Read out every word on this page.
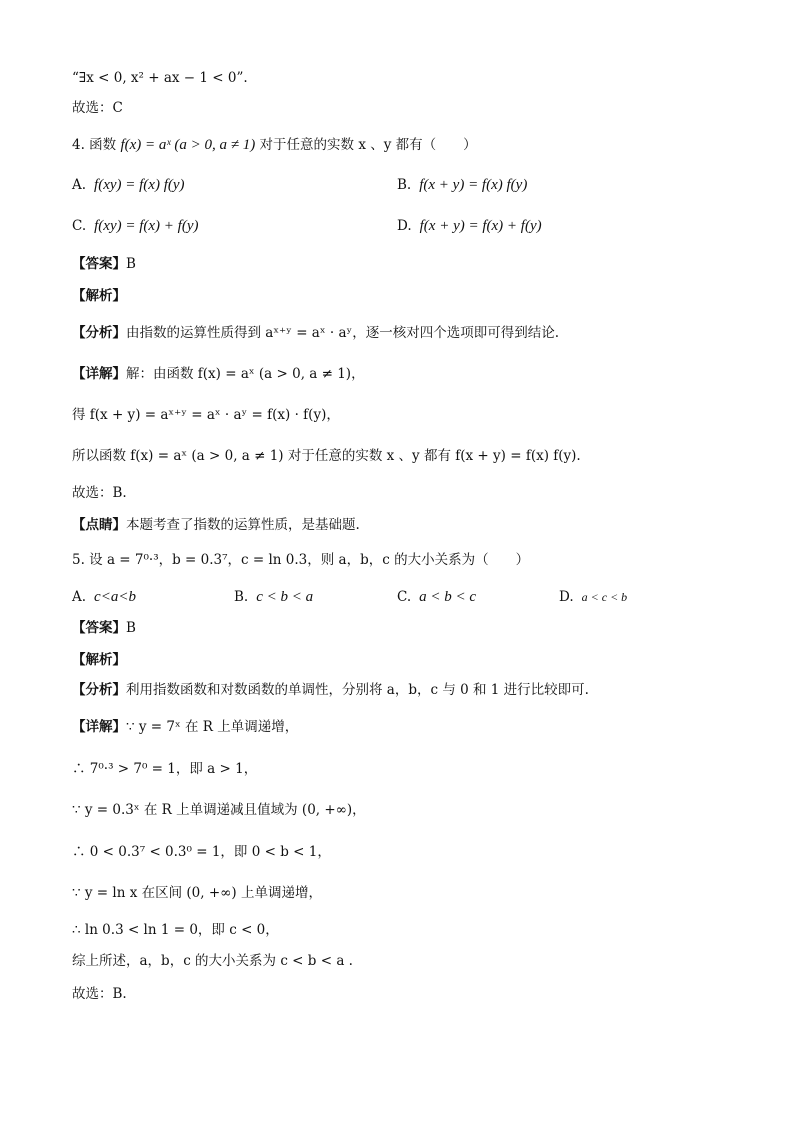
“∃x < 0, x² + ax − 1 < 0”.
故选：C
4. 函数 f(x) = aˣ (a > 0, a ≠ 1) 对于任意的实数 x 、y 都有（　　）
A. f(xy) = f(x) f(y)	B. f(x + y) = f(x) f(y)
C. f(xy) = f(x) + f(y)	D. f(x + y) = f(x) + f(y)
【答案】B
【解析】
【分析】由指数的运算性质得到 aˣ⁺ʸ = aˣ · aʸ，逐一核对四个选项即可得到结论.
【详解】解：由函数 f(x) = aˣ (a > 0, a ≠ 1)，
得 f(x + y) = aˣ⁺ʸ = aˣ · aʸ = f(x) · f(y)，
所以函数 f(x) = aˣ (a > 0, a ≠ 1) 对于任意的实数 x 、y 都有 f(x + y) = f(x) f(y).
故选：B.
【点睛】本题考查了指数的运算性质，是基础题.
5. 设 a = 7⁰·³，b = 0.3⁷，c = ln 0.3，则 a，b，c 的大小关系为（　　）
A. c<a<b	B. c < b < a	C. a < b < c	D. a < c < b
【答案】B
【解析】
【分析】利用指数函数和对数函数的单调性，分别将 a，b，c 与 0 和 1 进行比较即可.
【详解】∵ y = 7ˣ 在 R 上单调递增，
∴ 7⁰·³ > 7⁰ = 1，即 a > 1，
∵ y = 0.3ˣ 在 R 上单调递减且值域为 (0, +∞)，
∴ 0 < 0.3⁷ < 0.3⁰ = 1，即 0 < b < 1，
∵ y = ln x 在区间 (0, +∞) 上单调递增，
∴ ln 0.3 < ln 1 = 0，即 c < 0，
综上所述，a，b，c 的大小关系为 c < b < a .
故选：B.
